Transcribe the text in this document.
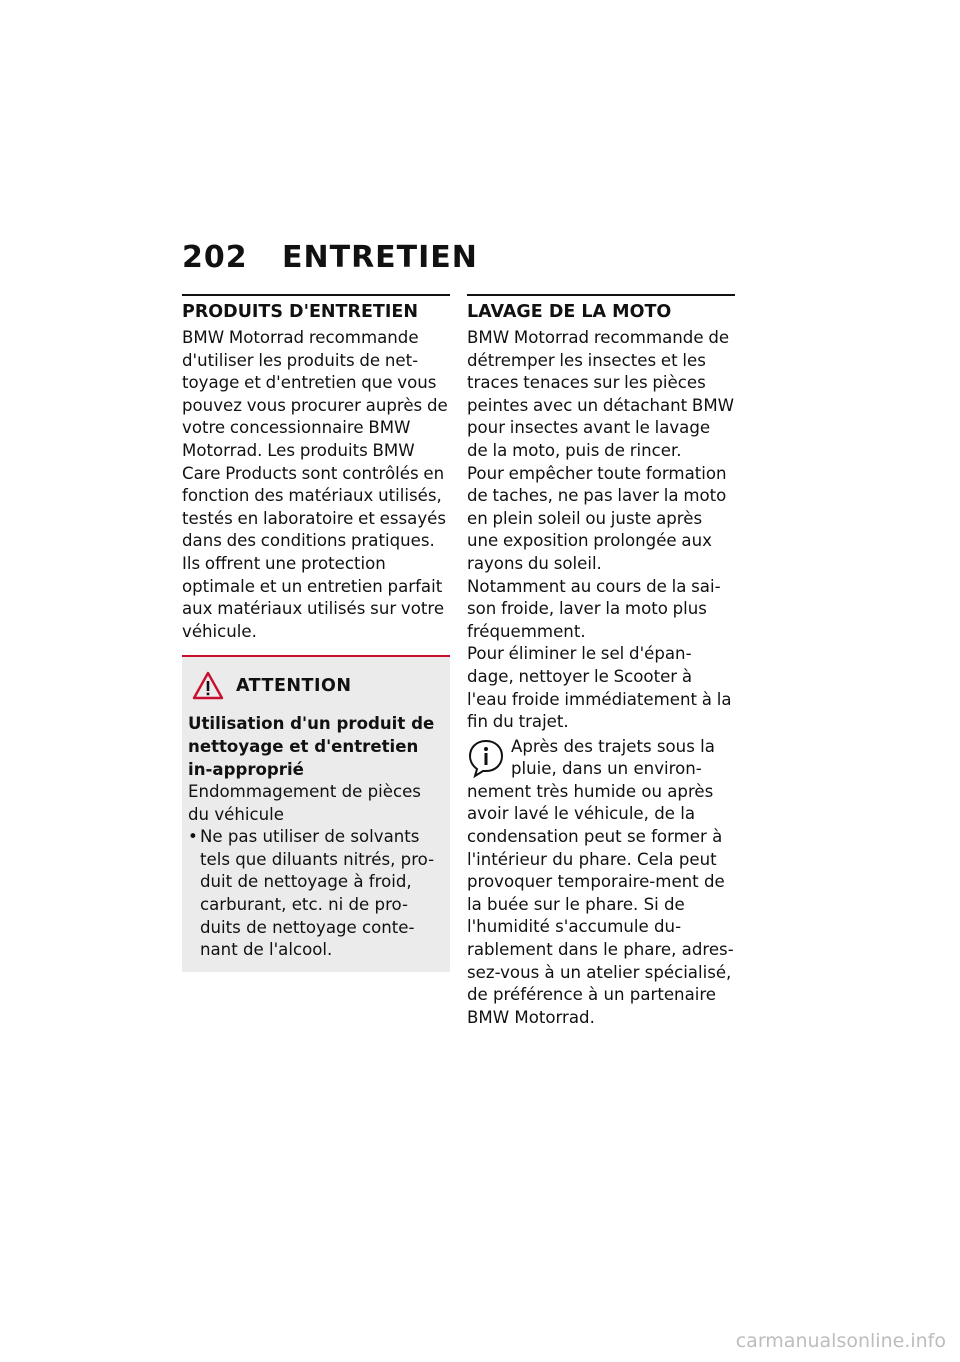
202 ENTRETIEN
PRODUITS D'ENTRETIEN

BMW Motorrad recommande d'utiliser les produits de net-toyage et d'entretien que vous pouvez vous procurer auprès de votre concessionnaire BMW Motorrad. Les produits BMW Care Products sont contrôlés en fonction des matériaux utilisés, testés en laboratoire et essayés dans des conditions pratiques. Ils offrent une protection optimale et un entretien parfait aux matériaux utilisés sur votre véhicule.

ATTENTION
Utilisation d'un produit de nettoyage et d'entretien in-approprié
Endommagement de pièces du véhicule
• Ne pas utiliser de solvants tels que diluants nitrés, pro-duit de nettoyage à froid, carburant, etc. ni de pro-duits de nettoyage conte-nant de l'alcool.
LAVAGE DE LA MOTO

BMW Motorrad recommande de détremper les insectes et les traces tenaces sur les pièces peintes avec un détachant BMW pour insectes avant le lavage de la moto, puis de rincer.

Pour empêcher toute formation de taches, ne pas laver la moto en plein soleil ou juste après une exposition prolongée aux rayons du soleil.

Notamment au cours de la sai-son froide, laver la moto plus fréquemment.

Pour éliminer le sel d'épan-dage, nettoyer le Scooter à l'eau froide immédiatement à la fin du trajet.

Après des trajets sous la pluie, dans un environ-nement très humide ou après avoir lavé le véhicule, de la condensation peut se former à l'intérieur du phare. Cela peut provoquer temporaire-ment de la buée sur le phare. Si de l'humidité s'accumule du-rablement dans le phare, adres-sez-vous à un atelier spécialisé, de préférence à un partenaire BMW Motorrad.

carmanualsonline.info
